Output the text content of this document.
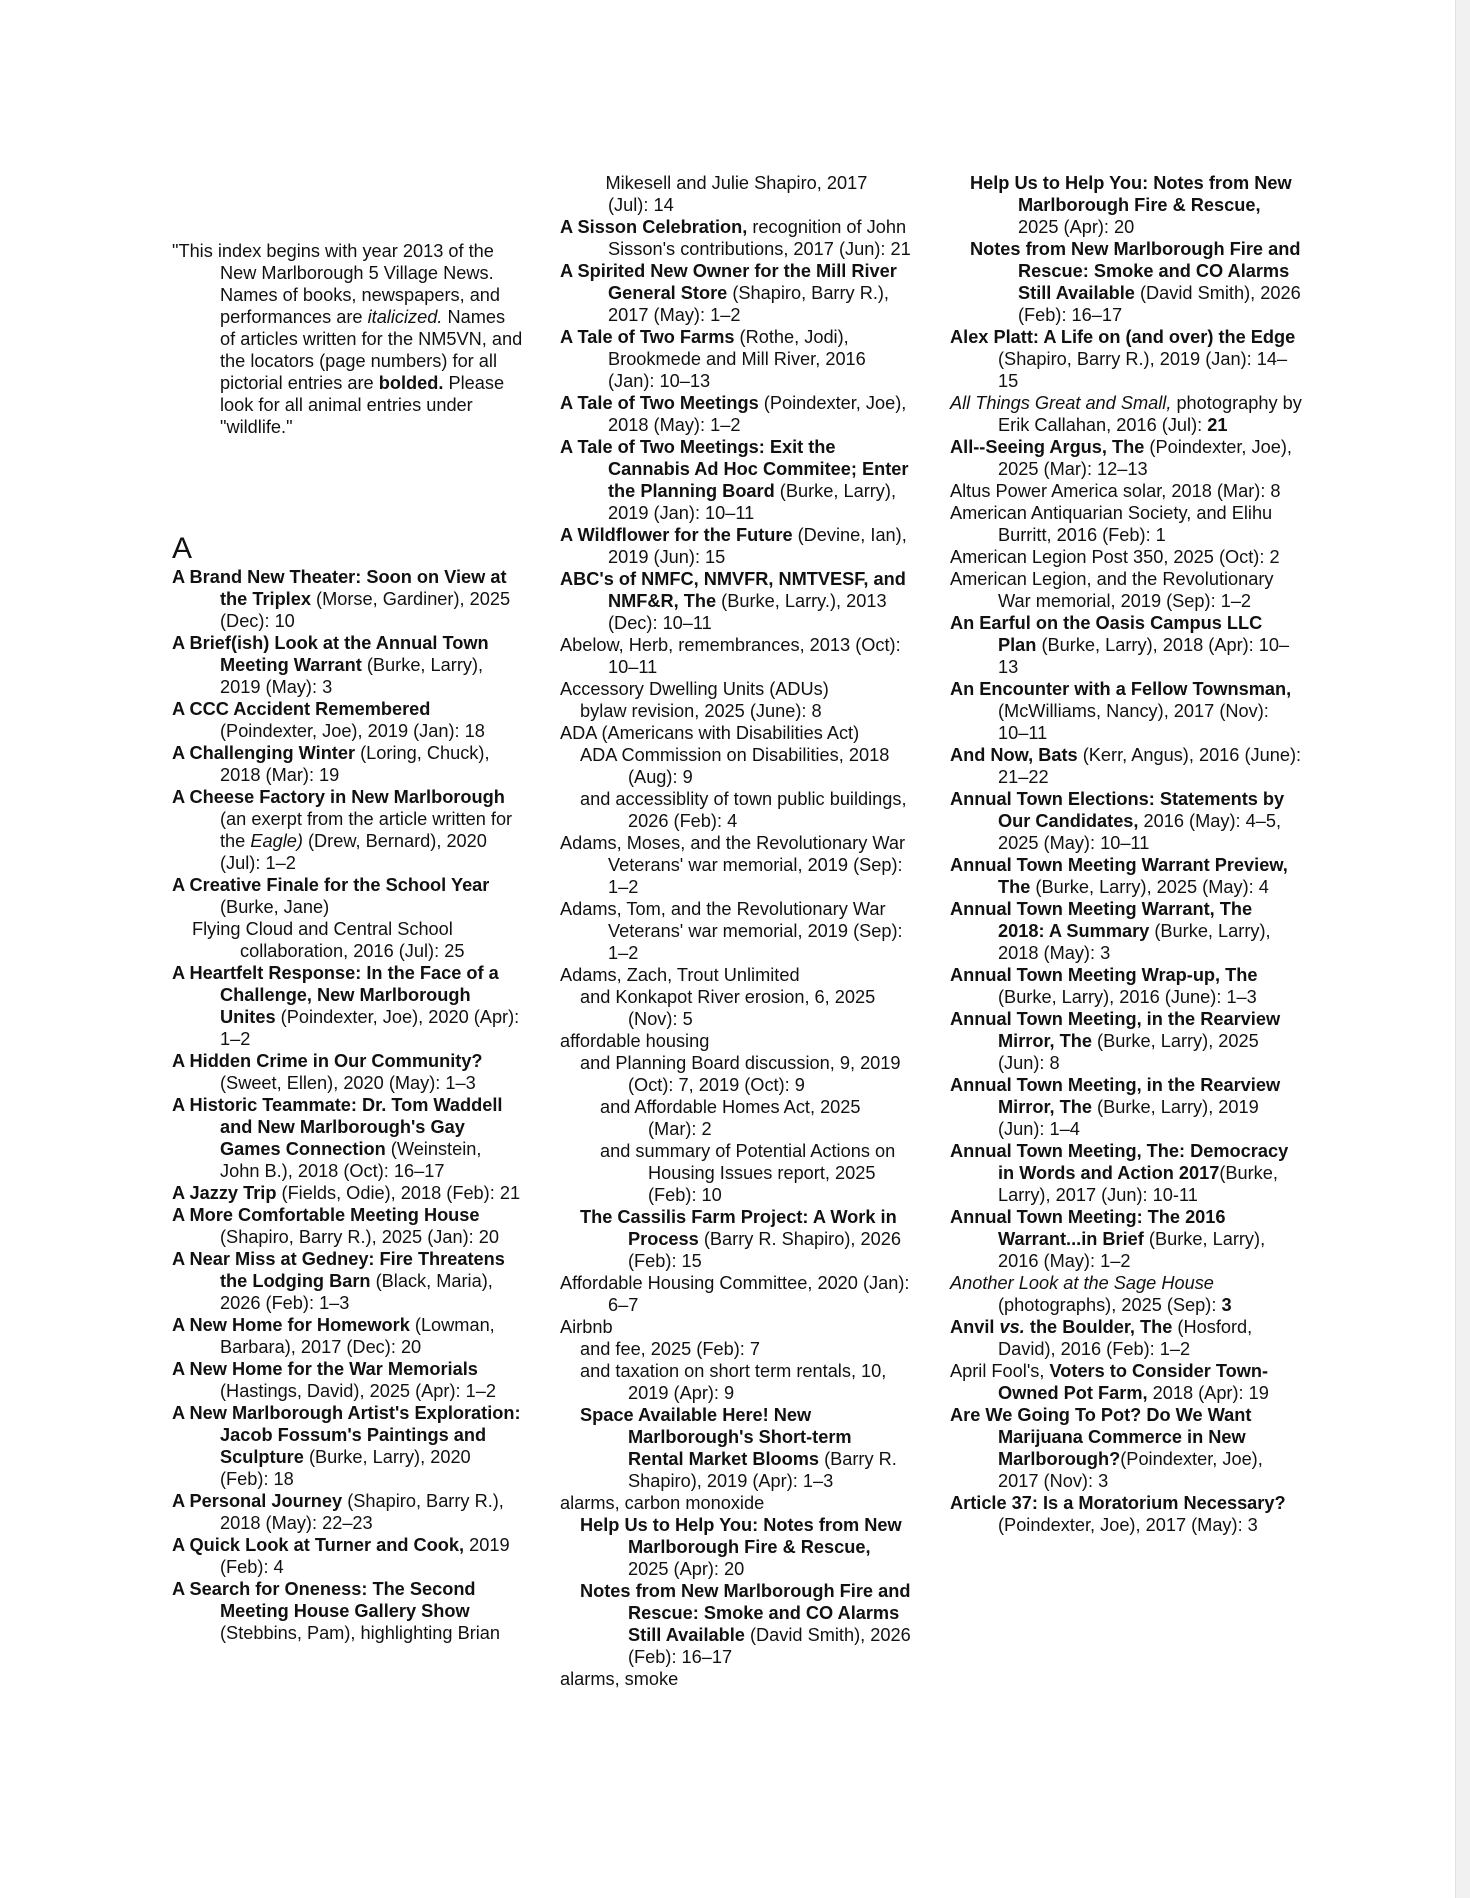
"This index begins with year 2013 of the New Marlborough 5 Village News. Names of books, newspapers, and performances are italicized. Names of articles written for the NM5VN, and the locators (page numbers) for all pictorial entries are bolded. Please look for all animal entries under "wildlife."

A

A Brand New Theater: Soon on View at the Triplex (Morse, Gardiner), 2025 (Dec): 10

A Brief(ish) Look at the Annual Town Meeting Warrant (Burke, Larry), 2019 (May): 3

A CCC Accident Remembered (Poindexter, Joe), 2019 (Jan): 18

A Challenging Winter (Loring, Chuck), 2018 (Mar): 19

A Cheese Factory in New Marlborough (an exerpt from the article written for the Eagle) (Drew, Bernard), 2020 (Jul): 1–2

A Creative Finale for the School Year (Burke, Jane)

Flying Cloud and Central School collaboration, 2016 (Jul): 25

A Heartfelt Response: In the Face of a Challenge, New Marlborough Unites (Poindexter, Joe), 2020 (Apr): 1–2

A Hidden Crime in Our Community? (Sweet, Ellen), 2020 (May): 1–3

A Historic Teammate: Dr. Tom Waddell and New Marlborough's Gay Games Connection (Weinstein, John B.), 2018 (Oct): 16–17

A Jazzy Trip (Fields, Odie), 2018 (Feb): 21

A More Comfortable Meeting House (Shapiro, Barry R.), 2025 (Jan): 20

A Near Miss at Gedney: Fire Threatens the Lodging Barn (Black, Maria), 2026 (Feb): 1–3

A New Home for Homework (Lowman, Barbara), 2017 (Dec): 20

A New Home for the War Memorials (Hastings, David), 2025 (Apr): 1–2

A New Marlborough Artist's Exploration: Jacob Fossum's Paintings and Sculpture (Burke, Larry), 2020 (Feb): 18

A Personal Journey (Shapiro, Barry R.), 2018 (May): 22–23

A Quick Look at Turner and Cook, 2019 (Feb): 4

A Search for Oneness: The Second Meeting House Gallery Show (Stebbins, Pam), highlighting Brian

Mikesell and Julie Shapiro, 2017 (Jul): 14

A Sisson Celebration, recognition of John Sisson's contributions, 2017 (Jun): 21

A Spirited New Owner for the Mill River General Store (Shapiro, Barry R.), 2017 (May): 1–2

A Tale of Two Farms (Rothe, Jodi), Brookmede and Mill River, 2016 (Jan): 10–13

A Tale of Two Meetings (Poindexter, Joe), 2018 (May): 1–2

A Tale of Two Meetings: Exit the Cannabis Ad Hoc Commitee; Enter the Planning Board (Burke, Larry), 2019 (Jan): 10–11

A Wildflower for the Future (Devine, Ian), 2019 (Jun): 15

ABC's of NMFC, NMVFR, NMTVESF, and NMF&R, The (Burke, Larry.), 2013 (Dec): 10–11

Abelow, Herb, remembrances, 2013 (Oct): 10–11

Accessory Dwelling Units (ADUs)

bylaw revision, 2025 (June): 8

ADA (Americans with Disabilities Act)

ADA Commission on Disabilities, 2018 (Aug): 9

and accessiblity of town public buildings, 2026 (Feb): 4

Adams, Moses, and the Revolutionary War Veterans' war memorial, 2019 (Sep): 1–2

Adams, Tom, and the Revolutionary War Veterans' war memorial, 2019 (Sep): 1–2

Adams, Zach, Trout Unlimited

and Konkapot River erosion, 6, 2025 (Nov): 5

affordable housing

and Planning Board discussion, 9, 2019 (Oct): 7, 2019 (Oct): 9

and Affordable Homes Act, 2025 (Mar): 2

and summary of Potential Actions on Housing Issues report, 2025 (Feb): 10

The Cassilis Farm Project: A Work in Process (Barry R. Shapiro), 2026 (Feb): 15

Affordable Housing Committee, 2020 (Jan): 6–7

Airbnb

and fee, 2025 (Feb): 7

and taxation on short term rentals, 10, 2019 (Apr): 9

Space Available Here! New Marlborough's Short-term Rental Market Blooms (Barry R. Shapiro), 2019 (Apr): 1–3

alarms, carbon monoxide

Help Us to Help You: Notes from New Marlborough Fire & Rescue, 2025 (Apr): 20

Notes from New Marlborough Fire and Rescue: Smoke and CO Alarms Still Available (David Smith), 2026 (Feb): 16–17

alarms, smoke

Help Us to Help You: Notes from New Marlborough Fire & Rescue, 2025 (Apr): 20

Notes from New Marlborough Fire and Rescue: Smoke and CO Alarms Still Available (David Smith), 2026 (Feb): 16–17

Alex Platt: A Life on (and over) the Edge (Shapiro, Barry R.), 2019 (Jan): 14–15

All Things Great and Small, photography by Erik Callahan, 2016 (Jul): 21

All--Seeing Argus, The (Poindexter, Joe), 2025 (Mar): 12–13

Altus Power America solar, 2018 (Mar): 8

American Antiquarian Society, and Elihu Burritt, 2016 (Feb): 1

American Legion Post 350, 2025 (Oct): 2

American Legion, and the Revolutionary War memorial, 2019 (Sep): 1–2

An Earful on the Oasis Campus LLC Plan (Burke, Larry), 2018 (Apr): 10–13

An Encounter with a Fellow Townsman, (McWilliams, Nancy), 2017 (Nov): 10–11

And Now, Bats (Kerr, Angus), 2016 (June): 21–22

Annual Town Elections: Statements by Our Candidates, 2016 (May): 4–5, 2025 (May): 10–11

Annual Town Meeting Warrant Preview, The (Burke, Larry), 2025 (May): 4

Annual Town Meeting Warrant, The 2018: A Summary (Burke, Larry), 2018 (May): 3

Annual Town Meeting Wrap-up, The (Burke, Larry), 2016 (June): 1–3

Annual Town Meeting, in the Rearview Mirror, The (Burke, Larry), 2025 (Jun): 8

Annual Town Meeting, in the Rearview Mirror, The (Burke, Larry), 2019 (Jun): 1–4

Annual Town Meeting, The: Democracy in Words and Action 2017(Burke, Larry), 2017 (Jun): 10-11

Annual Town Meeting: The 2016 Warrant...in Brief (Burke, Larry), 2016 (May): 1–2

Another Look at the Sage House (photographs), 2025 (Sep): 3

Anvil vs. the Boulder, The (Hosford, David), 2016 (Feb): 1–2

April Fool's, Voters to Consider Town-Owned Pot Farm, 2018 (Apr): 19

Are We Going To Pot? Do We Want Marijuana Commerce in New Marlborough?(Poindexter, Joe), 2017 (Nov): 3

Article 37: Is a Moratorium Necessary? (Poindexter, Joe), 2017 (May): 3
